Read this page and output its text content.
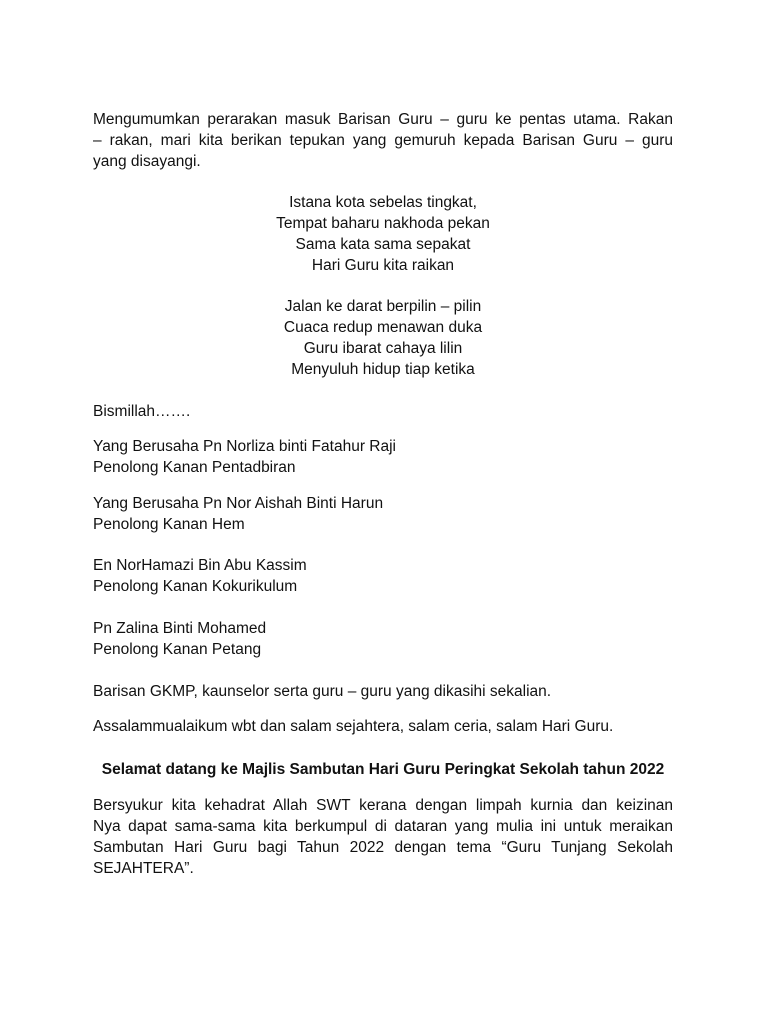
Mengumumkan perarakan masuk Barisan Guru – guru ke pentas utama. Rakan
– rakan, mari kita berikan tepukan yang gemuruh kepada Barisan Guru – guru
yang disayangi.
Istana kota sebelas tingkat,
Tempat baharu nakhoda pekan
Sama kata sama sepakat
Hari Guru kita raikan
Jalan ke darat berpilin – pilin
Cuaca redup menawan duka
Guru ibarat cahaya lilin
Menyuluh hidup tiap ketika
Bismillah…….
Yang Berusaha Pn Norliza binti Fatahur Raji
Penolong Kanan Pentadbiran
Yang Berusaha Pn Nor Aishah Binti Harun
Penolong Kanan Hem
En NorHamazi Bin Abu Kassim
Penolong Kanan Kokurikulum
Pn Zalina Binti Mohamed
Penolong Kanan Petang
Barisan GKMP, kaunselor serta guru – guru yang dikasihi sekalian.
Assalammualaikum wbt dan salam sejahtera, salam ceria, salam Hari Guru.
Selamat datang ke Majlis Sambutan Hari Guru Peringkat Sekolah tahun 2022
Bersyukur kita kehadrat Allah SWT kerana dengan limpah kurnia dan keizinan
Nya dapat sama-sama kita berkumpul di dataran yang mulia ini untuk meraikan
Sambutan Hari Guru bagi Tahun 2022 dengan tema “Guru Tunjang Sekolah
SEJAHTERA”.
